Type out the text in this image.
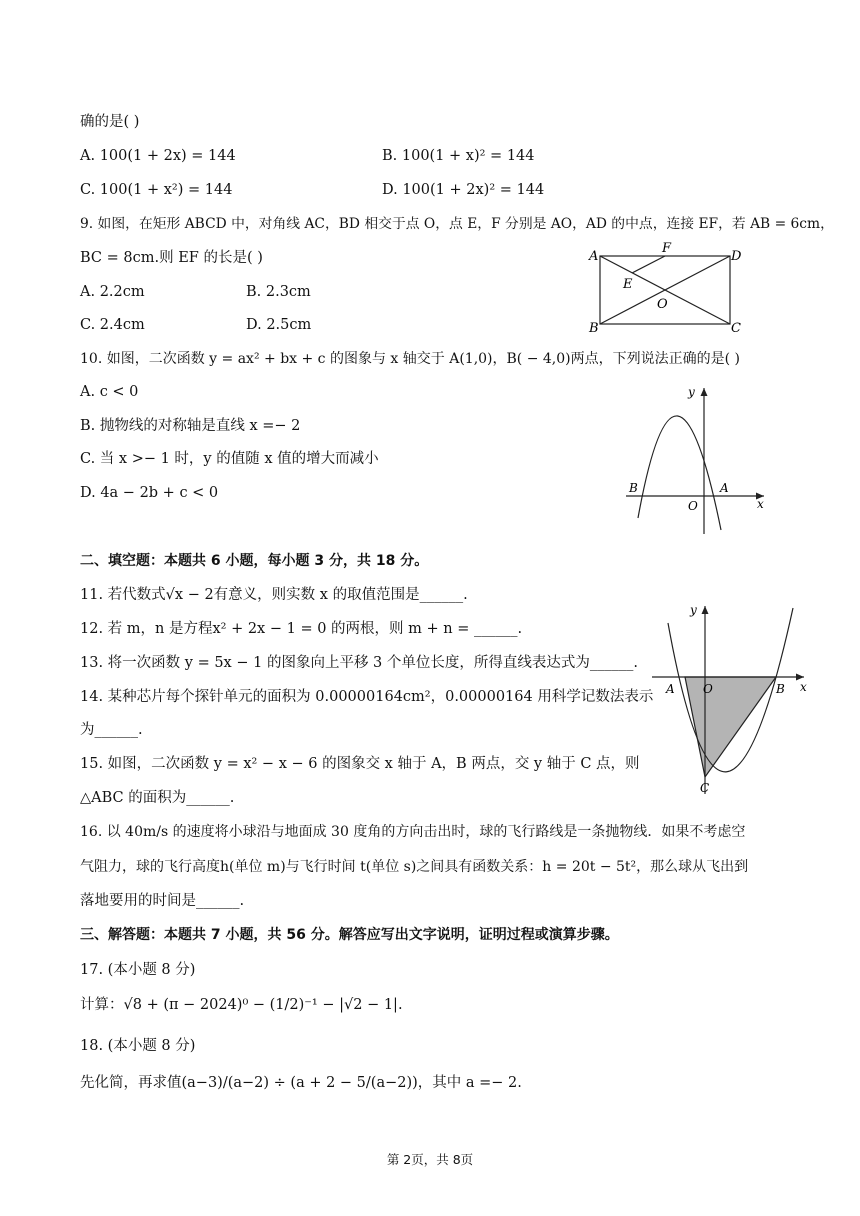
确的是( )
A. 100(1 + 2x) = 144	B. 100(1 + x)² = 144
C. 100(1 + x²) = 144	D. 100(1 + 2x)² = 144
9. 如图，在矩形 ABCD 中，对角线 AC，BD 相交于点 O，点 E，F 分别是 AO，AD 的中点，连接 EF，若 AB = 6cm，
BC = 8cm.则 EF 的长是( )
A. 2.2cm	B. 2.3cm
C. 2.4cm	D. 2.5cm
A
B	C
D
E
F
O
10. 如图，二次函数 y = ax² + bx + c 的图象与 x 轴交于 A(1,0)，B( − 4,0)两点，下列说法正确的是( )
A. c < 0
B. 抛物线的对称轴是直线 x =− 2
C. 当 x >− 1 时，y 的值随 x 值的增大而减小
D. 4a − 2b + c < 0
y
x
B	A
O
二、填空题：本题共 6 小题，每小题 3 分，共 18 分。
11. 若代数式√x − 2有意义，则实数 x 的取值范围是______.
12. 若 m，n 是方程x² + 2x − 1 = 0 的两根，则 m + n = ______.
13. 将一次函数 y = 5x − 1 的图象向上平移 3 个单位长度，所得直线表达式为______.
14. 某种芯片每个探针单元的面积为 0.00000164cm²，0.00000164 用科学记数法表示
为______.
15. 如图，二次函数 y = x² − x − 6 的图象交 x 轴于 A，B 两点，交 y 轴于 C 点，则
△ABC 的面积为______.
y
x
A	B
O
C
16. 以 40m/s 的速度将小球沿与地面成 30 度角的方向击出时，球的飞行路线是一条抛物线．如果不考虑空
气阻力，球的飞行高度h(单位 m)与飞行时间 t(单位 s)之间具有函数关系：h = 20t − 5t²，那么球从飞出到
落地要用的时间是______.
三、解答题：本题共 7 小题，共 56 分。解答应写出文字说明，证明过程或演算步骤。
17. (本小题 8 分)
计算：√8 + (π − 2024)⁰ − (1/2)⁻¹ − |√2 − 1|.
18. (本小题 8 分)
先化简，再求值(a−3)/(a−2) ÷ (a + 2 − 5/(a−2))，其中 a =− 2.
第 2页，共 8页
